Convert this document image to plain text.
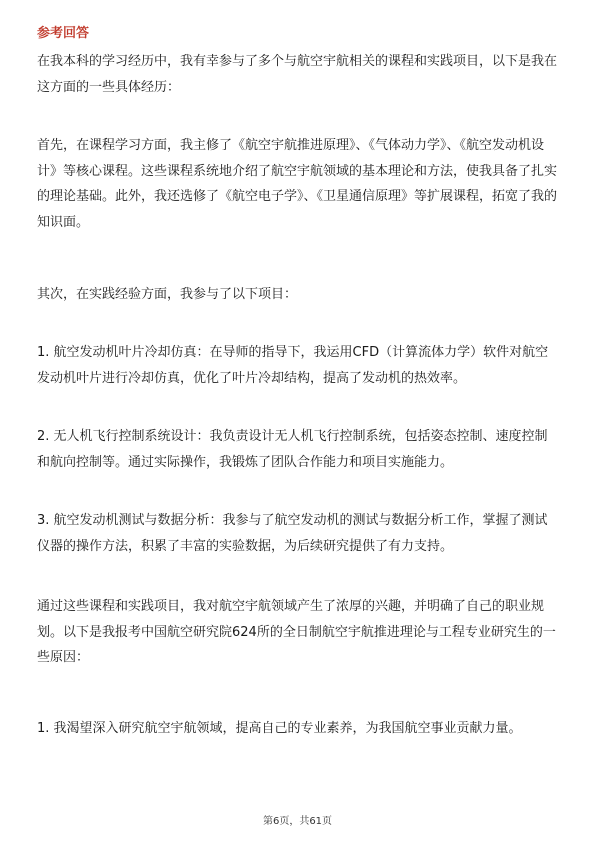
参考回答

在我本科的学习经历中，我有幸参与了多个与航空宇航相关的课程和实践项目，以下是我在这方面的一些具体经历：

首先，在课程学习方面，我主修了《航空宇航推进原理》、《气体动力学》、《航空发动机设计》等核心课程。这些课程系统地介绍了航空宇航领域的基本理论和方法，使我具备了扎实的理论基础。此外，我还选修了《航空电子学》、《卫星通信原理》等扩展课程，拓宽了我的知识面。

其次，在实践经验方面，我参与了以下项目：

1. 航空发动机叶片冷却仿真：在导师的指导下，我运用CFD（计算流体力学）软件对航空发动机叶片进行冷却仿真，优化了叶片冷却结构，提高了发动机的热效率。

2. 无人机飞行控制系统设计：我负责设计无人机飞行控制系统，包括姿态控制、速度控制和航向控制等。通过实际操作，我锻炼了团队合作能力和项目实施能力。

3. 航空发动机测试与数据分析：我参与了航空发动机的测试与数据分析工作，掌握了测试仪器的操作方法，积累了丰富的实验数据，为后续研究提供了有力支持。

通过这些课程和实践项目，我对航空宇航领域产生了浓厚的兴趣，并明确了自己的职业规划。以下是我报考中国航空研究院624所的全日制航空宇航推进理论与工程专业研究生的一些原因：

1. 我渴望深入研究航空宇航领域，提高自己的专业素养，为我国航空事业贡献力量。

第6页，共61页
